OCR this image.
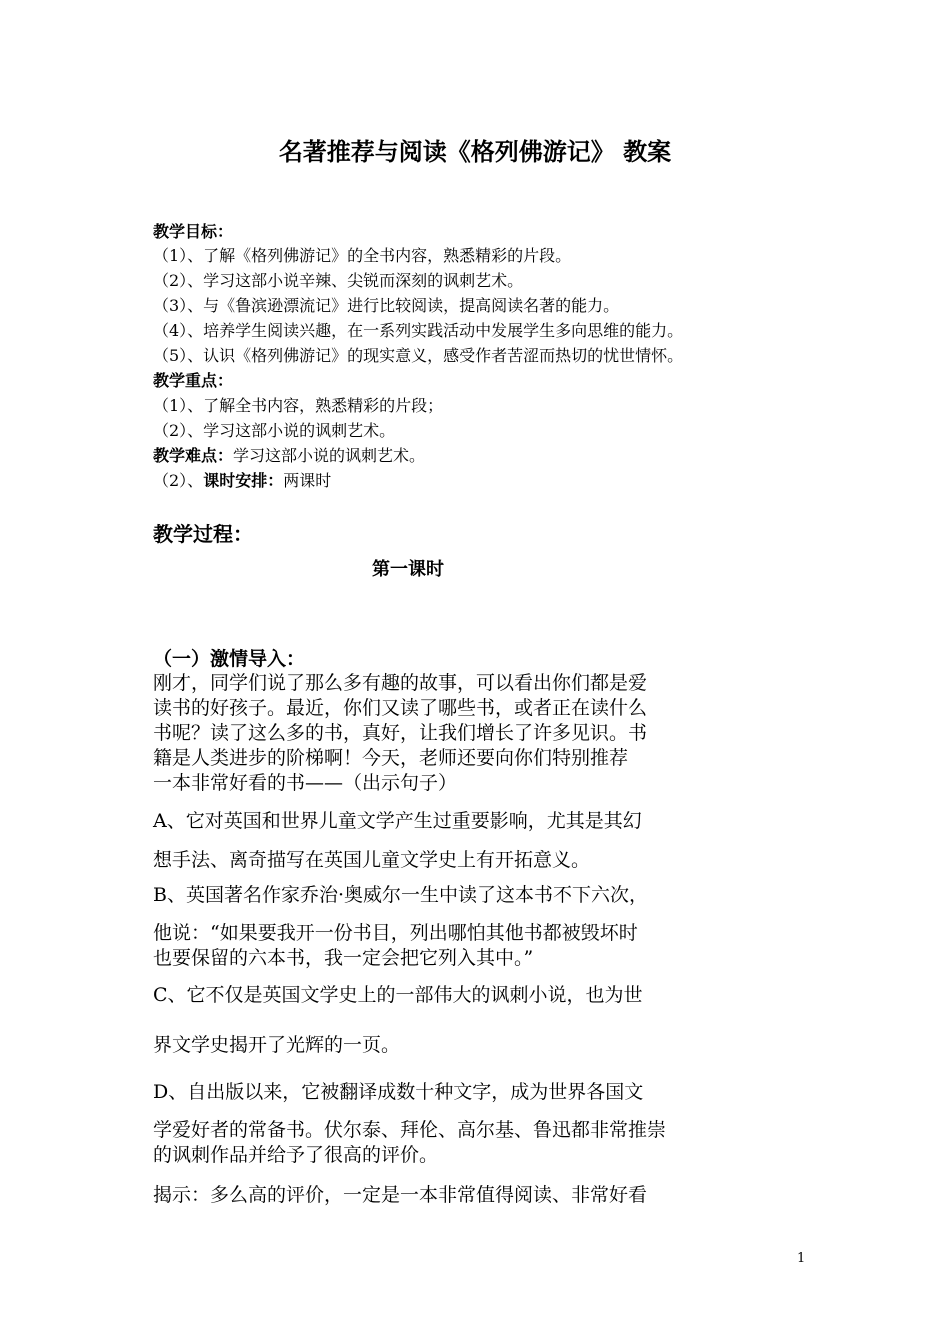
名著推荐与阅读《格列佛游记》 教案
教学目标：
（1）、了解《格列佛游记》的全书内容，熟悉精彩的片段。
（2）、学习这部小说辛辣、尖锐而深刻的讽刺艺术。
（3）、与《鲁滨逊漂流记》进行比较阅读，提高阅读名著的能力。
（4）、培养学生阅读兴趣，在一系列实践活动中发展学生多向思维的能力。
（5）、认识《格列佛游记》的现实意义，感受作者苦涩而热切的忧世情怀。
教学重点：
（1）、了解全书内容，熟悉精彩的片段；
（2）、学习这部小说的讽刺艺术。
教学难点：学习这部小说的讽刺艺术。
（2）、课时安排：两课时
教学过程：
第一课时
（一）激情导入：
刚才，同学们说了那么多有趣的故事，可以看出你们都是爱
读书的好孩子。最近，你们又读了哪些书，或者正在读什么
书呢？读了这么多的书，真好，让我们增长了许多见识。书
籍是人类进步的阶梯啊！今天，老师还要向你们特别推荐
一本非常好看的书——（出示句子）
A、它对英国和世界儿童文学产生过重要影响，尤其是其幻
想手法、离奇描写在英国儿童文学史上有开拓意义。
B、英国著名作家乔治·奥威尔一生中读了这本书不下六次，
他说：“如果要我开一份书目，列出哪怕其他书都被毁坏时
也要保留的六本书，我一定会把它列入其中。”
C、它不仅是英国文学史上的一部伟大的讽刺小说，也为世
界文学史揭开了光辉的一页。
D、自出版以来，它被翻译成数十种文字，成为世界各国文
学爱好者的常备书。伏尔泰、拜伦、高尔基、鲁迅都非常推崇
的讽刺作品并给予了很高的评价。
揭示：多么高的评价，一定是一本非常值得阅读、非常好看
1
